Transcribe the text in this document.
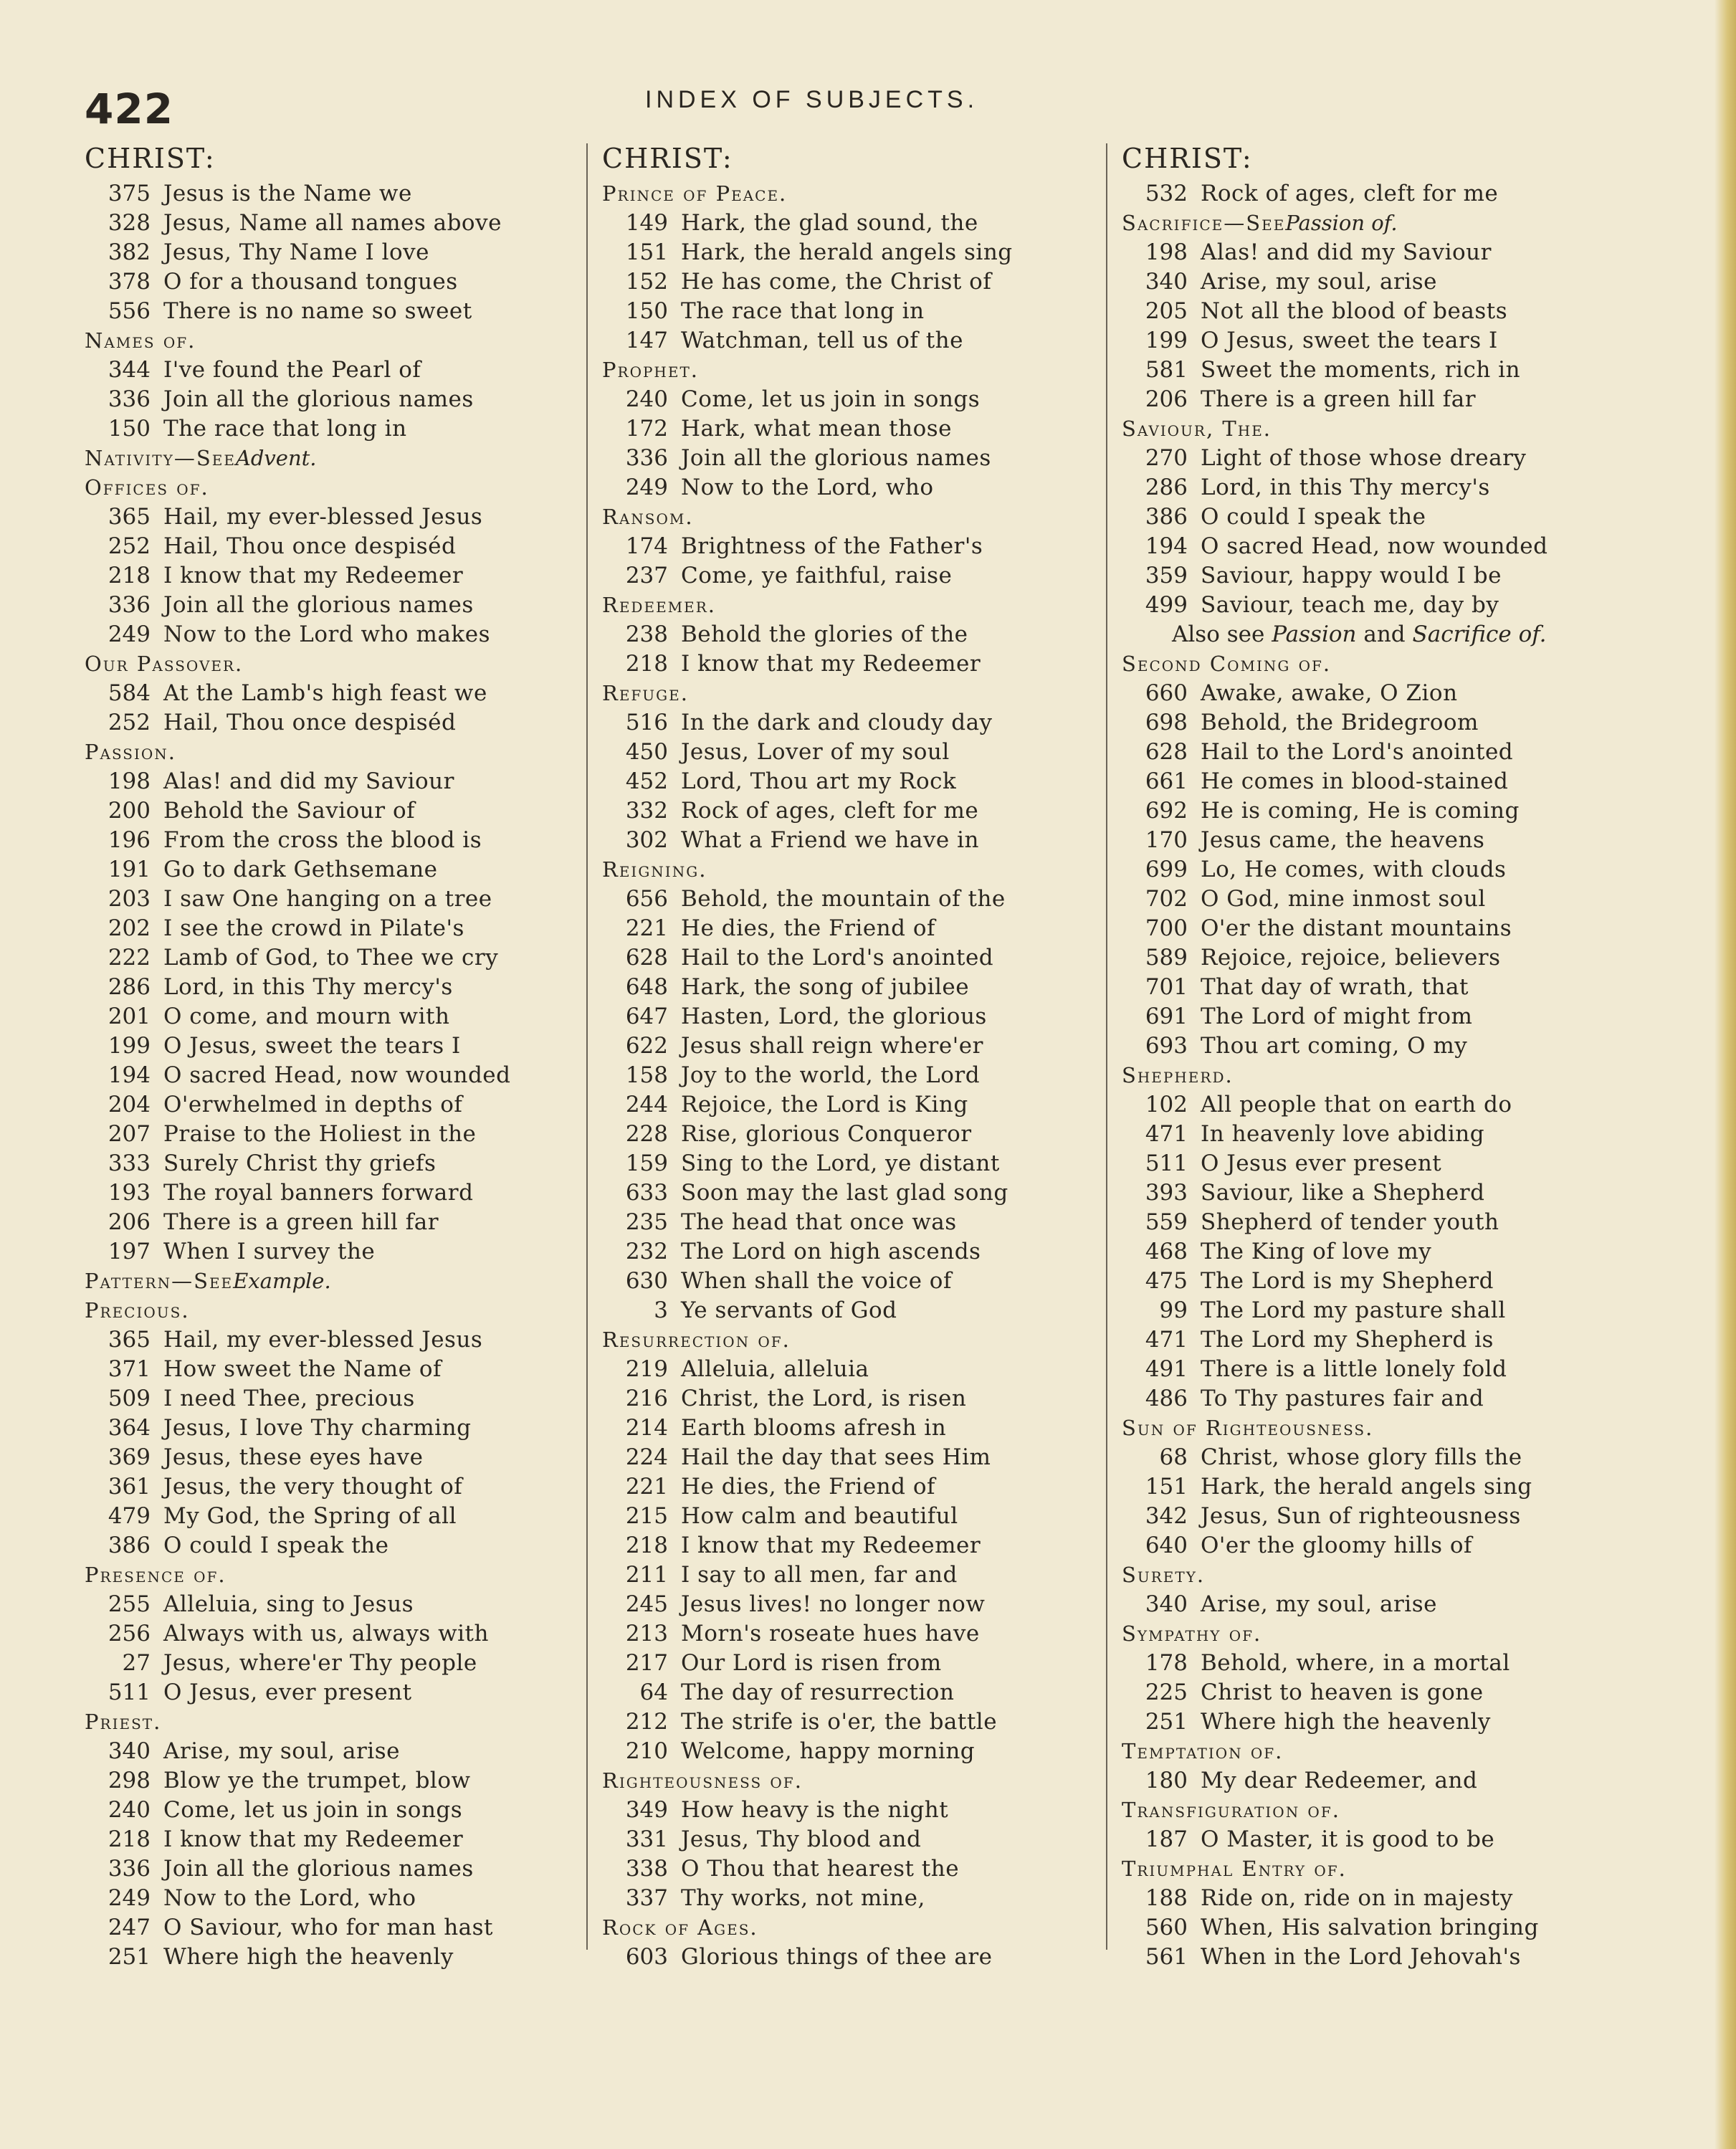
422	INDEX OF SUBJECTS.
CHRIST:
375 Jesus is the Name we
328 Jesus, Name all names above
382 Jesus, Thy Name I love
378 O for a thousand tongues
556 There is no name so sweet
Names of.
344 I've found the Pearl of
336 Join all the glorious names
150 The race that long in
Nativity—SeeAdvent.
Offices of.
365 Hail, my ever-blessed Jesus
252 Hail, Thou once despiséd
218 I know that my Redeemer
336 Join all the glorious names
249 Now to the Lord who makes
Our Passover.
584 At the Lamb's high feast we
252 Hail, Thou once despiséd
Passion.
198 Alas! and did my Saviour
200 Behold the Saviour of
196 From the cross the blood is
191 Go to dark Gethsemane
203 I saw One hanging on a tree
202 I see the crowd in Pilate's
222 Lamb of God, to Thee we cry
286 Lord, in this Thy mercy's
201 O come, and mourn with
199 O Jesus, sweet the tears I
194 O sacred Head, now wounded
204 O'erwhelmed in depths of
207 Praise to the Holiest in the
333 Surely Christ thy griefs
193 The royal banners forward
206 There is a green hill far
197 When I survey the
Pattern—SeeExample.
Precious.
365 Hail, my ever-blessed Jesus
371 How sweet the Name of
509 I need Thee, precious
364 Jesus, I love Thy charming
369 Jesus, these eyes have
361 Jesus, the very thought of
479 My God, the Spring of all
386 O could I speak the
Presence of.
255 Alleluia, sing to Jesus
256 Always with us, always with
27 Jesus, where'er Thy people
511 O Jesus, ever present
Priest.
340 Arise, my soul, arise
298 Blow ye the trumpet, blow
240 Come, let us join in songs
218 I know that my Redeemer
336 Join all the glorious names
249 Now to the Lord, who
247 O Saviour, who for man hast
251 Where high the heavenly
CHRIST:
Prince of Peace.
149 Hark, the glad sound, the
151 Hark, the herald angels sing
152 He has come, the Christ of
150 The race that long in
147 Watchman, tell us of the
Prophet.
240 Come, let us join in songs
172 Hark, what mean those
336 Join all the glorious names
249 Now to the Lord, who
Ransom.
174 Brightness of the Father's
237 Come, ye faithful, raise
Redeemer.
238 Behold the glories of the
218 I know that my Redeemer
Refuge.
516 In the dark and cloudy day
450 Jesus, Lover of my soul
452 Lord, Thou art my Rock
332 Rock of ages, cleft for me
302 What a Friend we have in
Reigning.
656 Behold, the mountain of the
221 He dies, the Friend of
628 Hail to the Lord's anointed
648 Hark, the song of jubilee
647 Hasten, Lord, the glorious
622 Jesus shall reign where'er
158 Joy to the world, the Lord
244 Rejoice, the Lord is King
228 Rise, glorious Conqueror
159 Sing to the Lord, ye distant
633 Soon may the last glad song
235 The head that once was
232 The Lord on high ascends
630 When shall the voice of
3 Ye servants of God
Resurrection of.
219 Alleluia, alleluia
216 Christ, the Lord, is risen
214 Earth blooms afresh in
224 Hail the day that sees Him
221 He dies, the Friend of
215 How calm and beautiful
218 I know that my Redeemer
211 I say to all men, far and
245 Jesus lives! no longer now
213 Morn's roseate hues have
217 Our Lord is risen from
64 The day of resurrection
212 The strife is o'er, the battle
210 Welcome, happy morning
Righteousness of.
349 How heavy is the night
331 Jesus, Thy blood and
338 O Thou that hearest the
337 Thy works, not mine,
Rock of Ages.
603 Glorious things of thee are
CHRIST:
532 Rock of ages, cleft for me
Sacrifice—SeePassion of.
198 Alas! and did my Saviour
340 Arise, my soul, arise
205 Not all the blood of beasts
199 O Jesus, sweet the tears I
581 Sweet the moments, rich in
206 There is a green hill far
Saviour, The.
270 Light of those whose dreary
286 Lord, in this Thy mercy's
386 O could I speak the
194 O sacred Head, now wounded
359 Saviour, happy would I be
499 Saviour, teach me, day by
Also see Passion and Sacrifice of.
Second Coming of.
660 Awake, awake, O Zion
698 Behold, the Bridegroom
628 Hail to the Lord's anointed
661 He comes in blood-stained
692 He is coming, He is coming
170 Jesus came, the heavens
699 Lo, He comes, with clouds
702 O God, mine inmost soul
700 O'er the distant mountains
589 Rejoice, rejoice, believers
701 That day of wrath, that
691 The Lord of might from
693 Thou art coming, O my
Shepherd.
102 All people that on earth do
471 In heavenly love abiding
511 O Jesus ever present
393 Saviour, like a Shepherd
559 Shepherd of tender youth
468 The King of love my
475 The Lord is my Shepherd
99 The Lord my pasture shall
471 The Lord my Shepherd is
491 There is a little lonely fold
486 To Thy pastures fair and
Sun of Righteousness.
68 Christ, whose glory fills the
151 Hark, the herald angels sing
342 Jesus, Sun of righteousness
640 O'er the gloomy hills of
Surety.
340 Arise, my soul, arise
Sympathy of.
178 Behold, where, in a mortal
225 Christ to heaven is gone
251 Where high the heavenly
Temptation of.
180 My dear Redeemer, and
Transfiguration of.
187 O Master, it is good to be
Triumphal Entry of.
188 Ride on, ride on in majesty
560 When, His salvation bringing
561 When in the Lord Jehovah's
